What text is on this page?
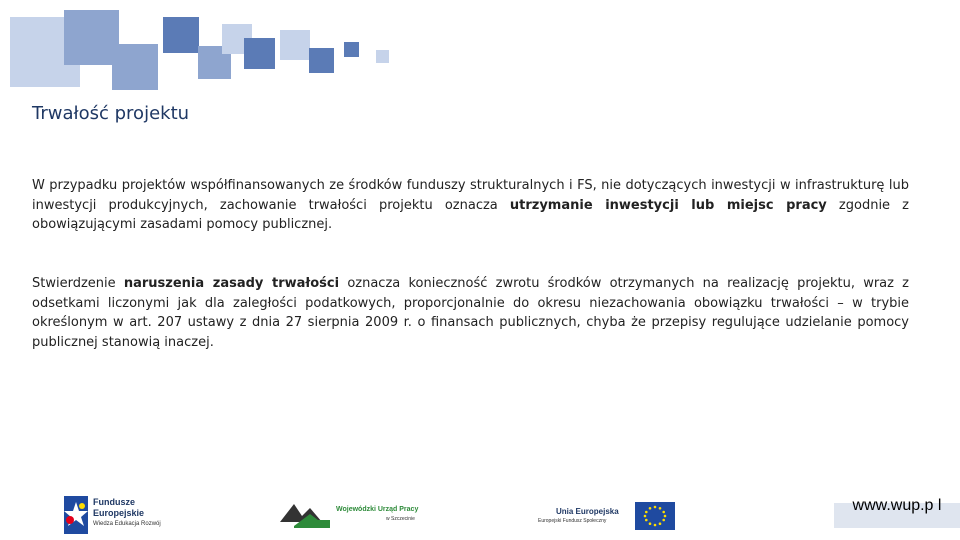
Trwałość projektu

W przypadku projektów współfinansowanych ze środków funduszy strukturalnych i FS, nie dotyczących inwestycji w infrastrukturę lub inwestycji produkcyjnych, zachowanie trwałości projektu oznacza utrzymanie inwestycji lub miejsc pracy zgodnie z obowiązującymi zasadami pomocy publicznej.

Stwierdzenie naruszenia zasady trwałości oznacza konieczność zwrotu środków otrzymanych na realizację projektu, wraz z odsetkami liczonymi jak dla zaległości podatkowych, proporcjonalnie do okresu niezachowania obowiązku trwałości – w trybie określonym w art. 207 ustawy z dnia 27 sierpnia 2009 r. o finansach publicznych, chyba że przepisy regulujące udzielanie pomocy publicznej stanowią inaczej.

Fundusze
Europejskie
Wiedza Edukacja Rozwój
Wojewódzki Urząd Pracy
w Szczecinie
Unia Europejska
Europejski Fundusz Społeczny

www.wup.p l
